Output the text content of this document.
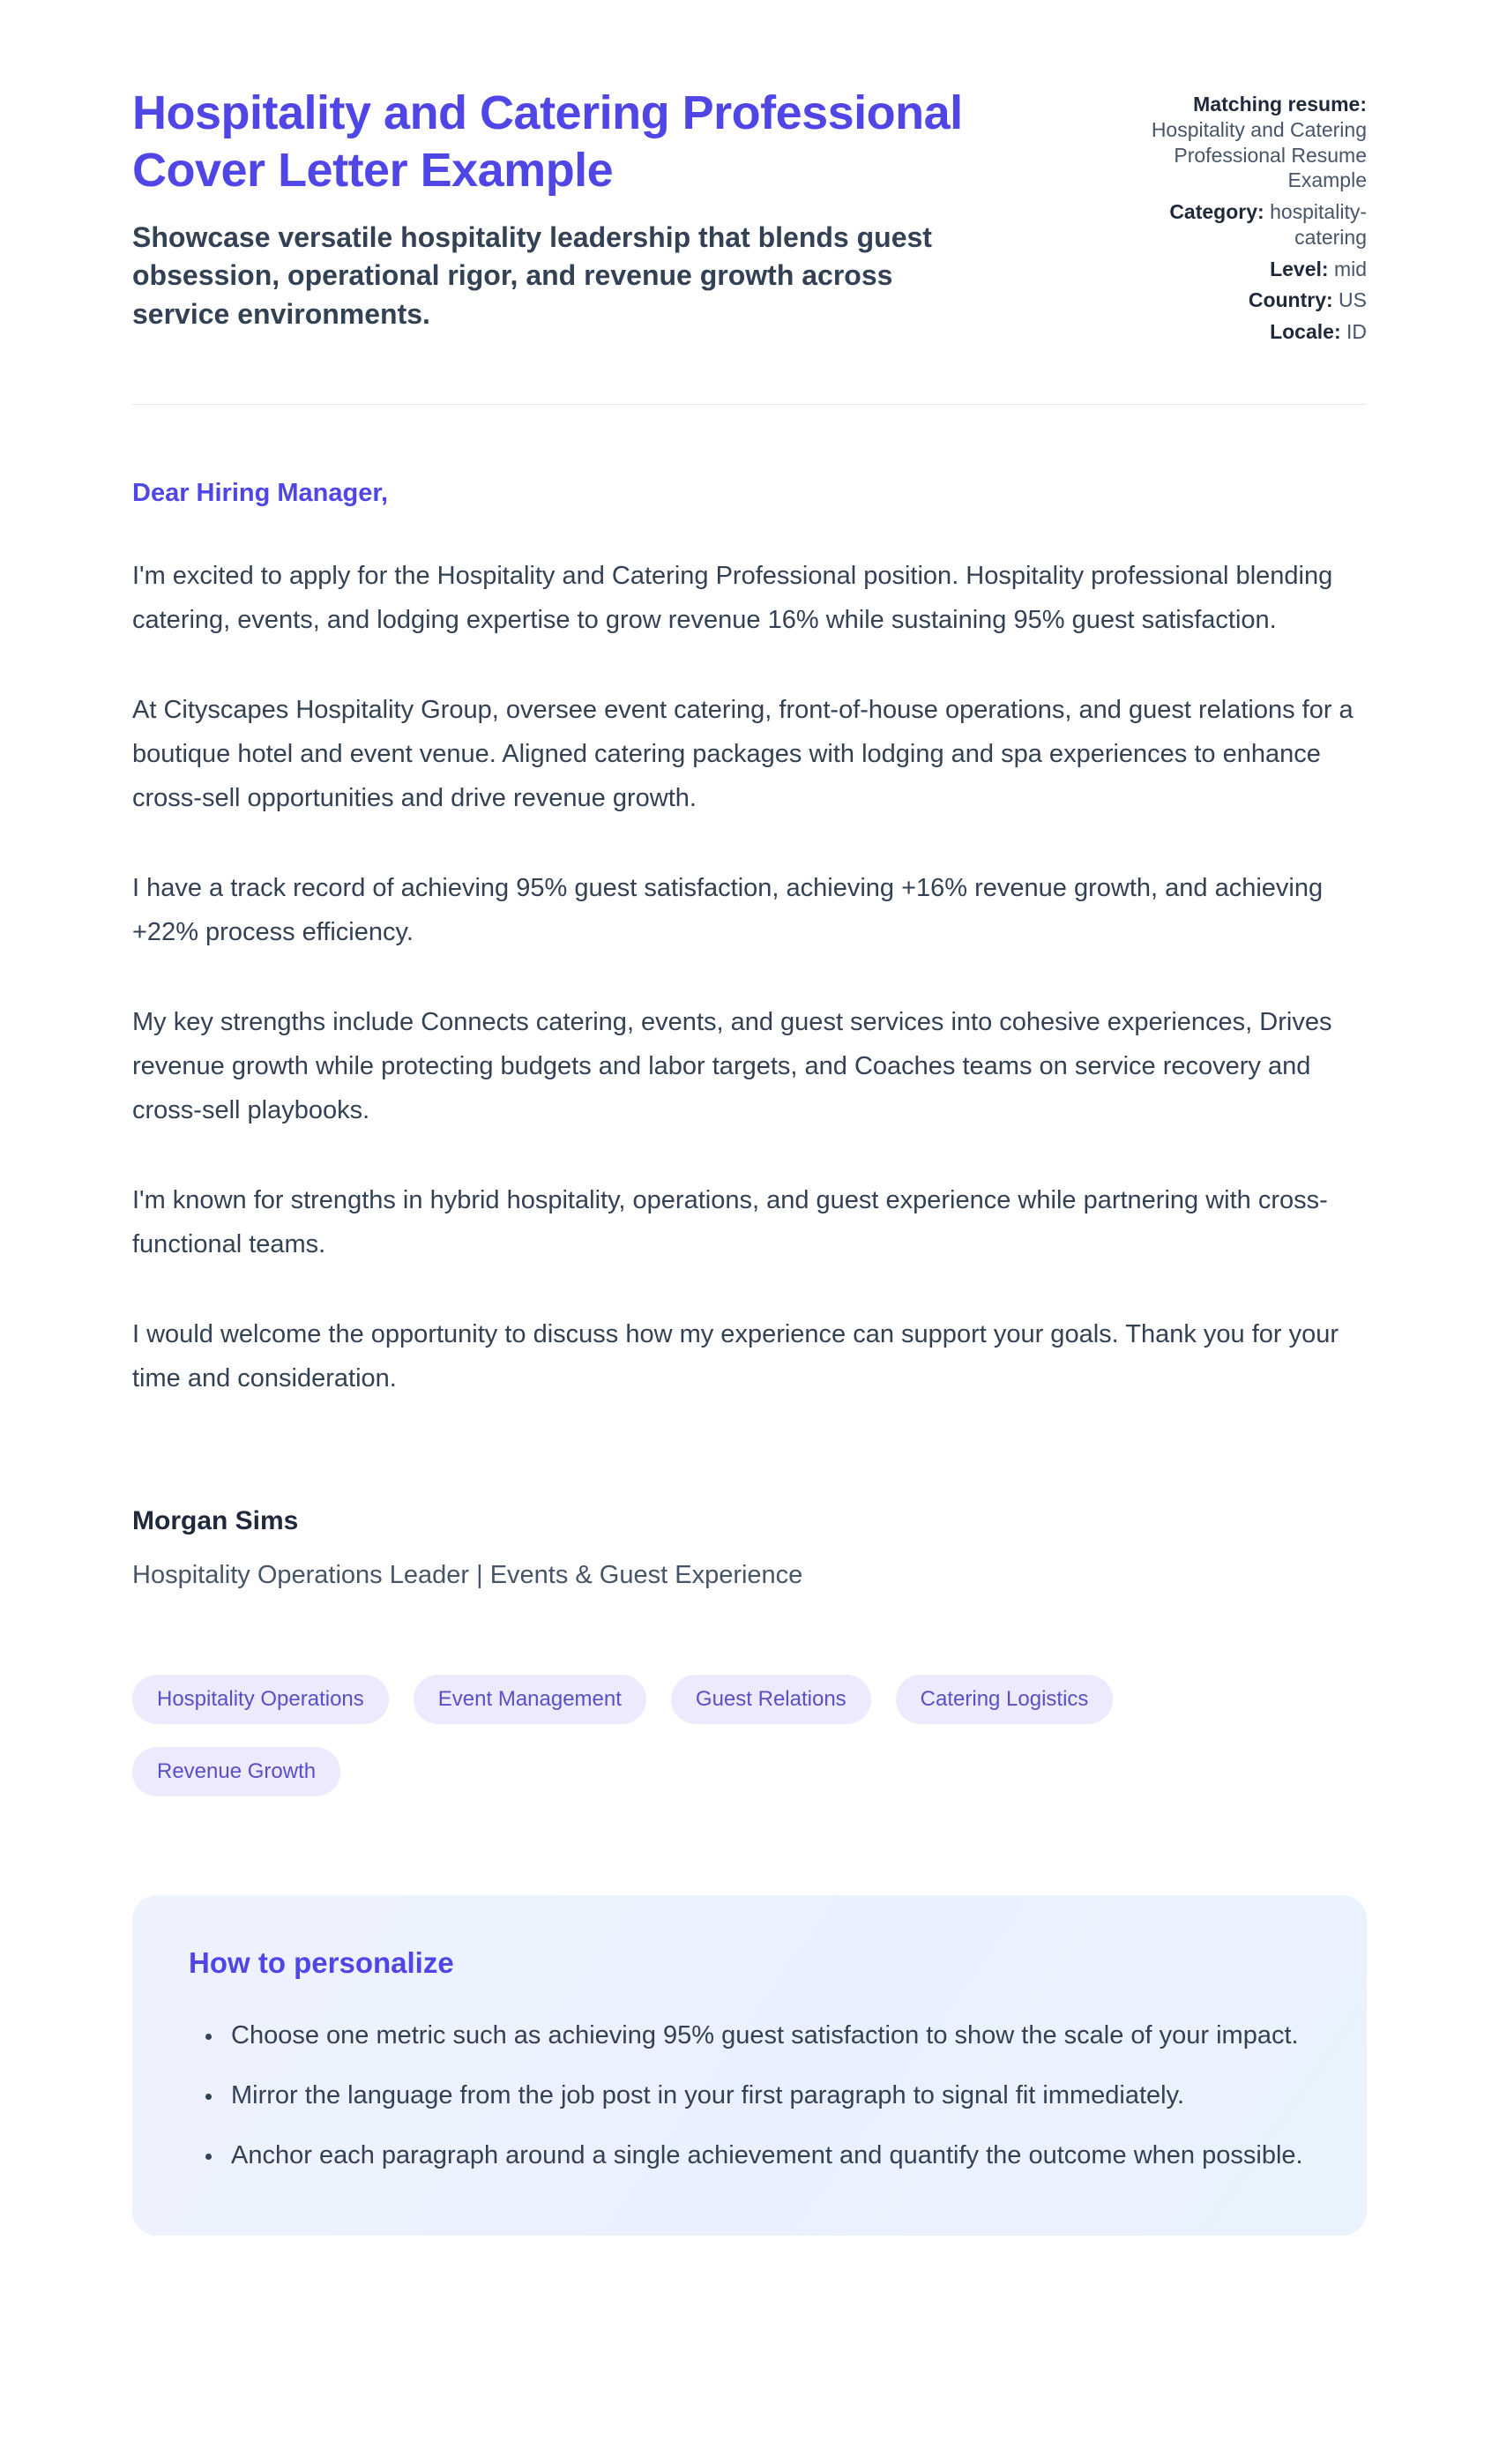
Hospitality and Catering Professional Cover Letter Example

Showcase versatile hospitality leadership that blends guest obsession, operational rigor, and revenue growth across service environments.

Matching resume: Hospitality and Catering Professional Resume Example
Category: hospitality-catering
Level: mid
Country: US
Locale: ID

Dear Hiring Manager,

I'm excited to apply for the Hospitality and Catering Professional position. Hospitality professional blending catering, events, and lodging expertise to grow revenue 16% while sustaining 95% guest satisfaction.

At Cityscapes Hospitality Group, oversee event catering, front-of-house operations, and guest relations for a boutique hotel and event venue. Aligned catering packages with lodging and spa experiences to enhance cross-sell opportunities and drive revenue growth.

I have a track record of achieving 95% guest satisfaction, achieving +16% revenue growth, and achieving +22% process efficiency.

My key strengths include Connects catering, events, and guest services into cohesive experiences, Drives revenue growth while protecting budgets and labor targets, and Coaches teams on service recovery and cross-sell playbooks.

I'm known for strengths in hybrid hospitality, operations, and guest experience while partnering with cross-functional teams.

I would welcome the opportunity to discuss how my experience can support your goals. Thank you for your time and consideration.

Morgan Sims

Hospitality Operations Leader | Events & Guest Experience

Hospitality Operations	Event Management	Guest Relations	Catering Logistics
Revenue Growth
How to personalize
• Choose one metric such as achieving 95% guest satisfaction to show the scale of your impact.
• Mirror the language from the job post in your first paragraph to signal fit immediately.
• Anchor each paragraph around a single achievement and quantify the outcome when possible.
